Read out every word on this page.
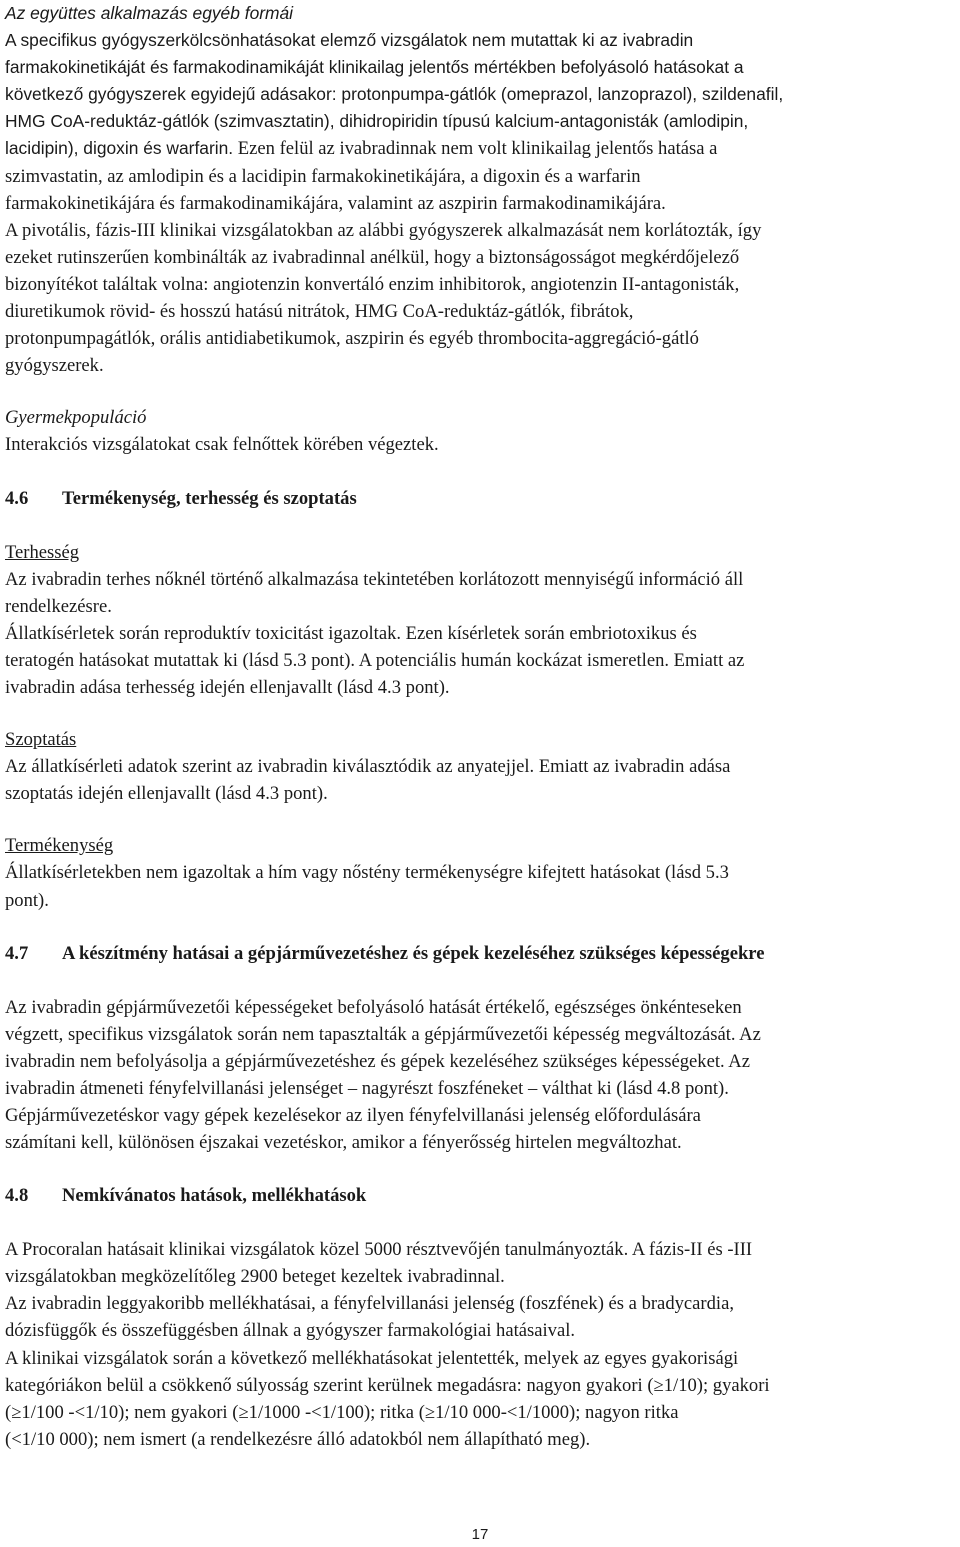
Az együttes alkalmazás egyéb formái
A specifikus gyógyszerkölcsönhatásokat elemző vizsgálatok nem mutattak ki az ivabradin
farmakokinetikáját és farmakodinamikáját klinikailag jelentős mértékben befolyásoló hatásokat a
következő gyógyszerek egyidejű adásakor: protonpumpa-gátlók (omeprazol, lanzoprazol), szildenafil,
HMG CoA-reduktáz-gátlók (szimvasztatin), dihidropiridin típusú kalcium-antagonisták (amlodipin,
lacidipin), digoxin és warfarin. Ezen felül az ivabradinnak nem volt klinikailag jelentős hatása a
szimvastatin, az amlodipin és a lacidipin farmakokinetikájára, a digoxin és a warfarin
farmakokinetikájára és farmakodinamikájára, valamint az aszpirin farmakodinamikájára.
A pivotális, fázis-III klinikai vizsgálatokban az alábbi gyógyszerek alkalmazását nem korlátozták, így
ezeket rutinszerűen kombinálták az ivabradinnal anélkül, hogy a biztonságosságot megkérdőjelező
bizonyítékot találtak volna: angiotenzin konvertáló enzim inhibitorok, angiotenzin II-antagonisták,
diuretikumok rövid- és hosszú hatású nitrátok, HMG CoA-reduktáz-gátlók, fibrátok,
protonpumpagátlók, orális antidiabetikumok, aszpirin és egyéb thrombocita-aggregáció-gátló
gyógyszerek.
Gyermekpopuláció
Interakciós vizsgálatokat csak felnőttek körében végeztek.
4.6 Termékenység, terhesség és szoptatás
Terhesség
Az ivabradin terhes nőknél történő alkalmazása tekintetében korlátozott mennyiségű információ áll
rendelkezésre.
Állatkísérletek során reproduktív toxicitást igazoltak. Ezen kísérletek során embriotoxikus és
teratogén hatásokat mutattak ki (lásd 5.3 pont). A potenciális humán kockázat ismeretlen. Emiatt az
ivabradin adása terhesség idején ellenjavallt (lásd 4.3 pont).
Szoptatás
Az állatkísérleti adatok szerint az ivabradin kiválasztódik az anyatejjel. Emiatt az ivabradin adása
szoptatás idején ellenjavallt (lásd 4.3 pont).
Termékenység
Állatkísérletekben nem igazoltak a hím vagy nőstény termékenységre kifejtett hatásokat (lásd 5.3
pont).
4.7 A készítmény hatásai a gépjárművezetéshez és gépek kezeléséhez szükséges képességekre
Az ivabradin gépjárművezetői képességeket befolyásoló hatását értékelő, egészséges önkénteseken
végzett, specifikus vizsgálatok során nem tapasztalták a gépjárművezetői képesség megváltozását. Az
ivabradin nem befolyásolja a gépjárművezetéshez és gépek kezeléséhez szükséges képességeket. Az
ivabradin átmeneti fényfelvillanási jelenséget – nagyrészt foszféneket – válthat ki (lásd 4.8 pont).
Gépjárművezetéskor vagy gépek kezelésekor az ilyen fényfelvillanási jelenség előfordulására
számítani kell, különösen éjszakai vezetéskor, amikor a fényerősség hirtelen megváltozhat.
4.8 Nemkívánatos hatások, mellékhatások
A Procoralan hatásait klinikai vizsgálatok közel 5000 résztvevőjén tanulmányozták. A fázis-II és -III
vizsgálatokban megközelítőleg 2900 beteget kezeltek ivabradinnal.
Az ivabradin leggyakoribb mellékhatásai, a fényfelvillanási jelenség (foszfének) és a bradycardia,
dózisfüggők és összefüggésben állnak a gyógyszer farmakológiai hatásaival.
A klinikai vizsgálatok során a következő mellékhatásokat jelentették, melyek az egyes gyakorisági
kategóriákon belül a csökkenő súlyosság szerint kerülnek megadásra: nagyon gyakori (≥1/10); gyakori
(≥1/100 -<1/10); nem gyakori (≥1/1000 -<1/100); ritka (≥1/10 000-<1/1000); nagyon ritka
(<1/10 000); nem ismert (a rendelkezésre álló adatokból nem állapítható meg).
17
